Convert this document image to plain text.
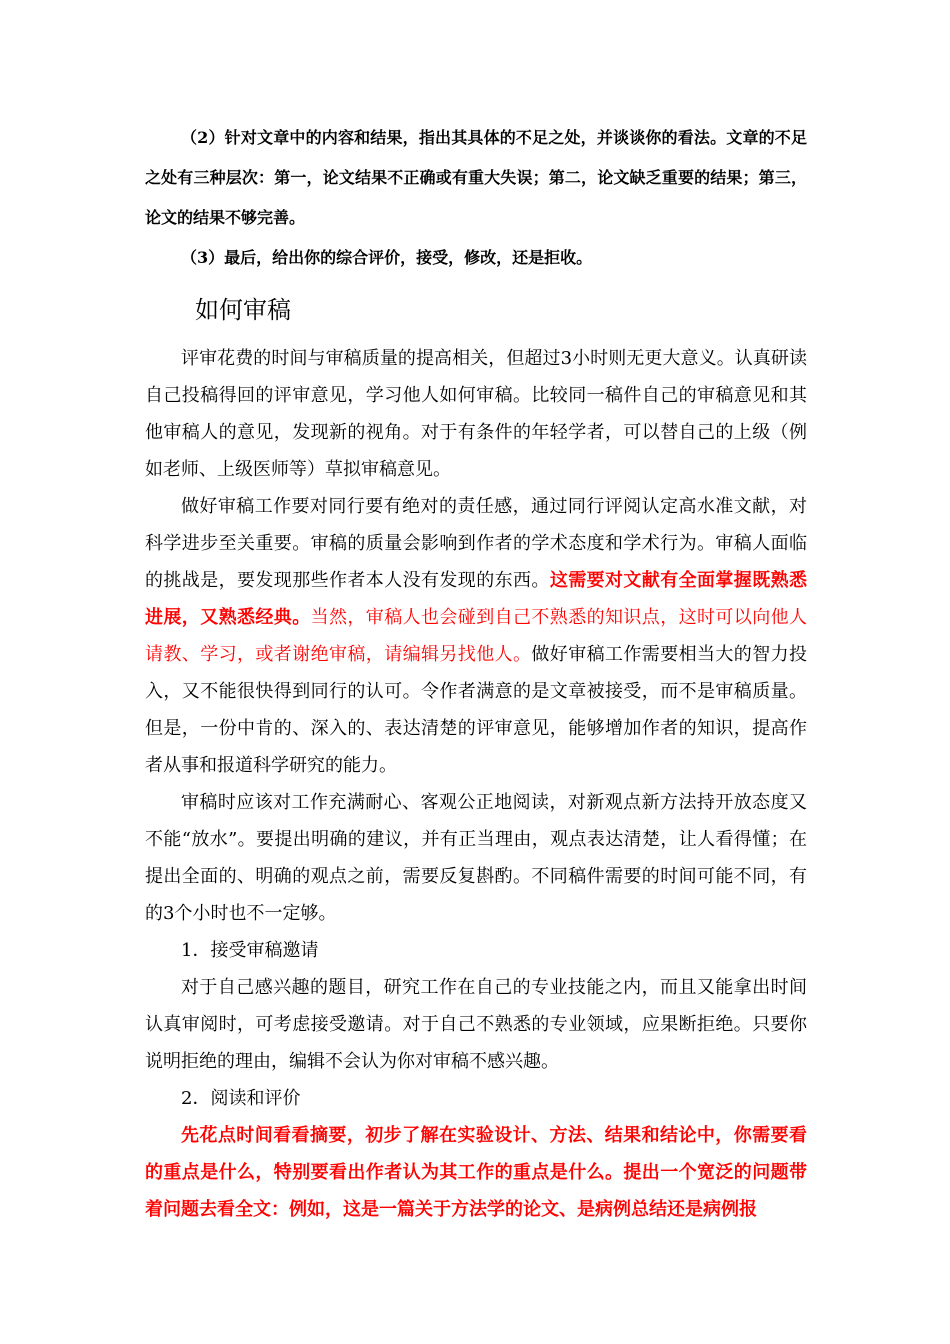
（2）针对文章中的内容和结果，指出其具体的不足之处，并谈谈你的看法。文章的不足之处有三种层次：第一，论文结果不正确或有重大失误；第二，论文缺乏重要的结果；第三，论文的结果不够完善。

（3）最后，给出你的综合评价，接受，修改，还是拒收。

如何审稿

评审花费的时间与审稿质量的提高相关，但超过3小时则无更大意义。认真研读自己投稿得回的评审意见，学习他人如何审稿。比较同一稿件自己的审稿意见和其他审稿人的意见，发现新的视角。对于有条件的年轻学者，可以替自己的上级（例如老师、上级医师等）草拟审稿意见。

做好审稿工作要对同行要有绝对的责任感，通过同行评阅认定高水准文献，对科学进步至关重要。审稿的质量会影响到作者的学术态度和学术行为。审稿人面临的挑战是，要发现那些作者本人没有发现的东西。这需要对文献有全面掌握既熟悉进展，又熟悉经典。当然，审稿人也会碰到自己不熟悉的知识点，这时可以向他人请教、学习，或者谢绝审稿，请编辑另找他人。做好审稿工作需要相当大的智力投入，又不能很快得到同行的认可。令作者满意的是文章被接受，而不是审稿质量。但是，一份中肯的、深入的、表达清楚的评审意见，能够增加作者的知识，提高作者从事和报道科学研究的能力。

审稿时应该对工作充满耐心、客观公正地阅读，对新观点新方法持开放态度又不能“放水”。要提出明确的建议，并有正当理由，观点表达清楚，让人看得懂；在提出全面的、明确的观点之前，需要反复斟酌。不同稿件需要的时间可能不同，有的3个小时也不一定够。

1．接受审稿邀请

对于自己感兴趣的题目，研究工作在自己的专业技能之内，而且又能拿出时间认真审阅时，可考虑接受邀请。对于自己不熟悉的专业领域，应果断拒绝。只要你说明拒绝的理由，编辑不会认为你对审稿不感兴趣。

2．阅读和评价

先花点时间看看摘要，初步了解在实验设计、方法、结果和结论中，你需要看的重点是什么，特别要看出作者认为其工作的重点是什么。提出一个宽泛的问题带着问题去看全文：例如，这是一篇关于方法学的论文、是病例总结还是病例报
